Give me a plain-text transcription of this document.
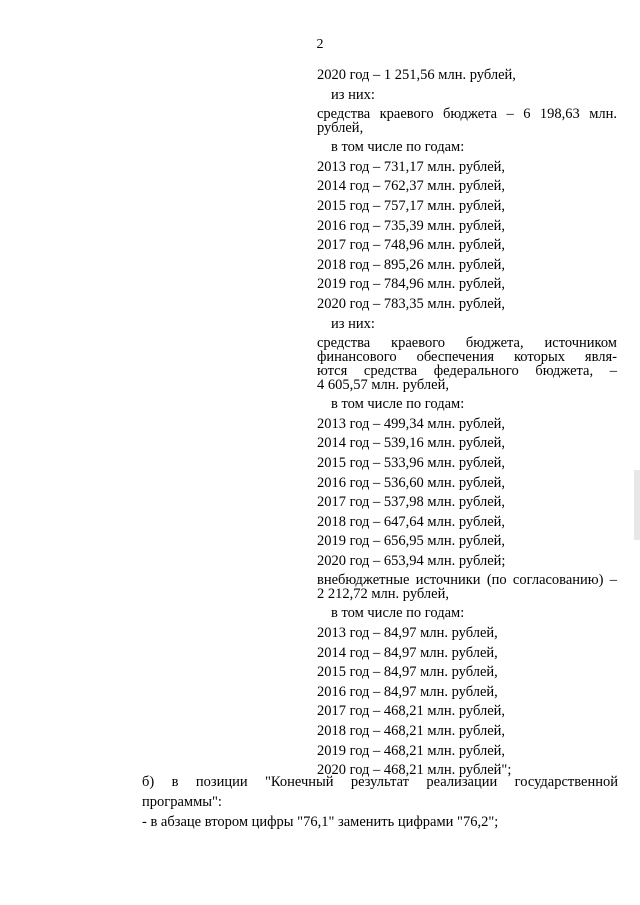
2
2020 год – 1 251,56 млн. рублей,
из них:
средства краевого бюджета – 6 198,63 млн.
рублей,
в том числе по годам:
2013 год – 731,17 млн. рублей,
2014 год – 762,37 млн. рублей,
2015 год – 757,17 млн. рублей,
2016 год – 735,39 млн. рублей,
2017 год – 748,96 млн. рублей,
2018 год – 895,26 млн. рублей,
2019 год – 784,96 млн. рублей,
2020 год – 783,35 млн. рублей,
из них:
средства краевого бюджета, источником
финансового обеспечения которых явля-
ются средства федерального бюджета, –
4 605,57 млн. рублей,
в том числе по годам:
2013 год – 499,34 млн. рублей,
2014 год – 539,16 млн. рублей,
2015 год – 533,96 млн. рублей,
2016 год – 536,60 млн. рублей,
2017 год – 537,98 млн. рублей,
2018 год – 647,64 млн. рублей,
2019 год – 656,95 млн. рублей,
2020 год – 653,94 млн. рублей;
внебюджетные источники (по согласованию) –
2 212,72 млн. рублей,
в том числе по годам:
2013 год – 84,97 млн. рублей,
2014 год – 84,97 млн. рублей,
2015 год – 84,97 млн. рублей,
2016 год – 84,97 млн. рублей,
2017 год – 468,21 млн. рублей,
2018 год – 468,21 млн. рублей,
2019 год – 468,21 млн. рублей,
2020 год – 468,21 млн. рублей";
б) в позиции "Конечный результат реализации государственной программы":
- в абзаце втором цифры "76,1" заменить цифрами "76,2";
